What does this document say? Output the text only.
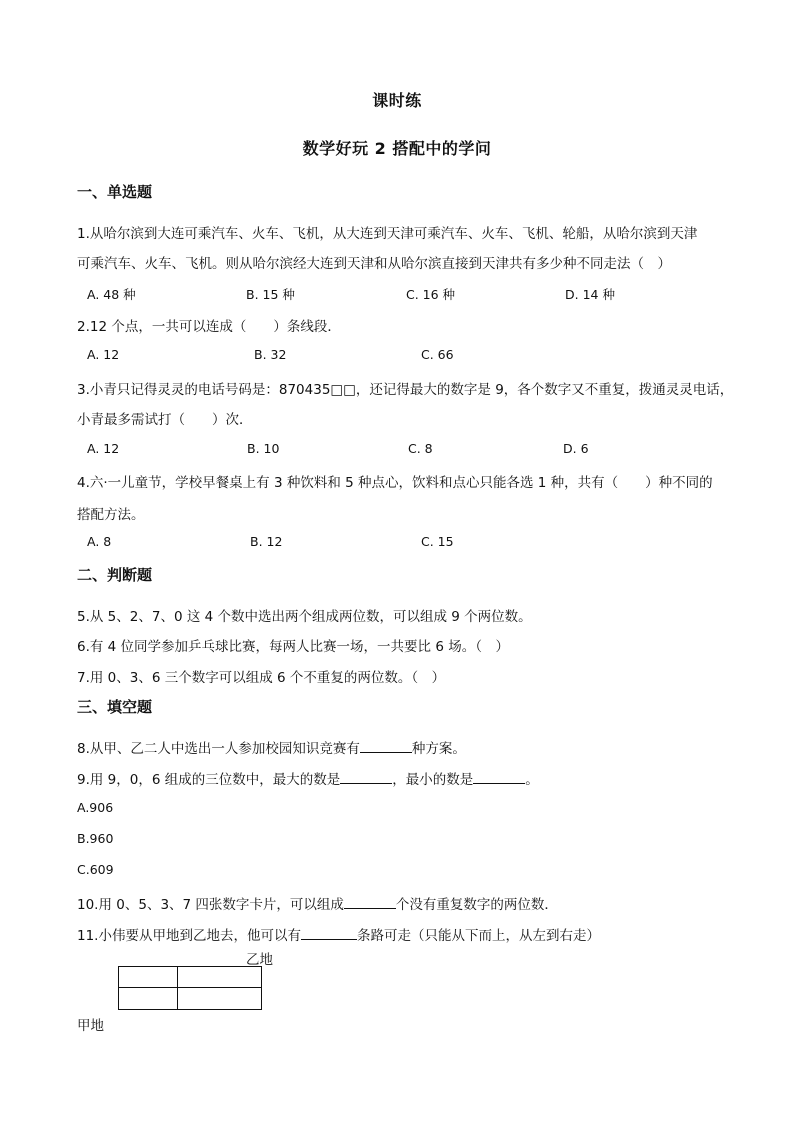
课时练
数学好玩 2 搭配中的学问
一、单选题
1.从哈尔滨到大连可乘汽车、火车、飞机，从大连到天津可乘汽车、火车、飞机、轮船，从哈尔滨到天津
可乘汽车、火车、飞机。则从哈尔滨经大连到天津和从哈尔滨直接到天津共有多少种不同走法（　）
A. 48 种	B. 15 种	C. 16 种	D. 14 种
2.12 个点，一共可以连成（　　）条线段．
A. 12	B. 32	C. 66
3.小青只记得灵灵的电话号码是：870435□□，还记得最大的数字是 9，各个数字又不重复，拨通灵灵电话，
小青最多需试打（　　）次．
A. 12	B. 10	C. 8	D. 6
4.六·一儿童节，学校早餐桌上有 3 种饮料和 5 种点心，饮料和点心只能各选 1 种，共有（　　）种不同的
搭配方法。
A. 8	B. 12	C. 15
二、判断题
5.从 5、2、7、0 这 4 个数中选出两个组成两位数，可以组成 9 个两位数。
6.有 4 位同学参加乒乓球比赛，每两人比赛一场，一共要比 6 场。（　）
7.用 0、3、6 三个数字可以组成 6 个不重复的两位数。（　）
三、填空题
8.从甲、乙二人中选出一人参加校园知识竞赛有	种方案。
9.用 9，0，6 组成的三位数中，最大的数是	，最小的数是	。
A.906
B.960
C.609
10.用 0、5、3、7 四张数字卡片，可以组成	个没有重复数字的两位数．
11.小伟要从甲地到乙地去，他可以有	条路可走（只能从下而上，从左到右走）
乙地
甲地
